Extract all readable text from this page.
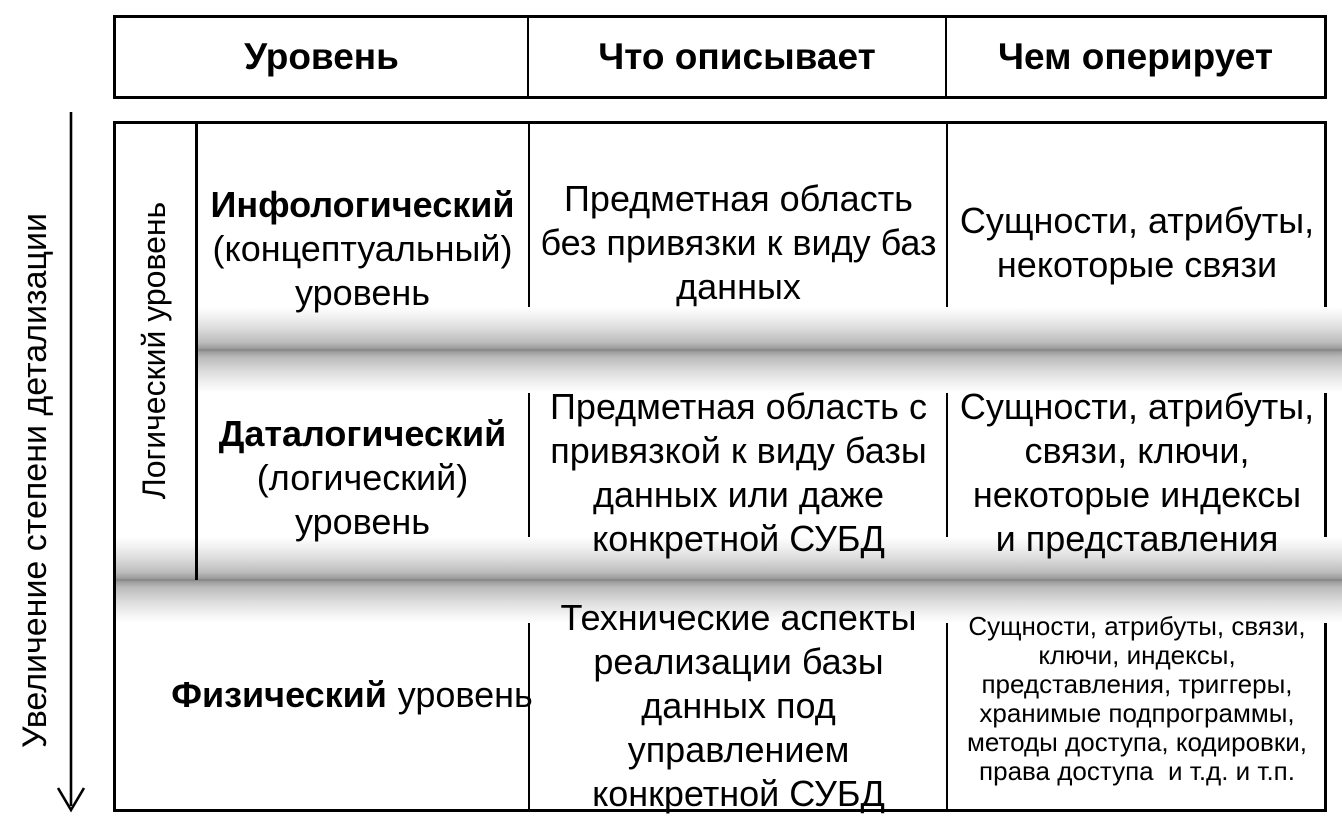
Увеличение степени детализации
Уровень	Что описывает	Чем оперирует
Логический уровень Инфологический
(концептуальный)
уровень
Предметная область
без привязки к виду баз
данных
Сущности, атрибуты,
некоторые связи
Даталогический
(логический)
уровень
Предметная область с
привязкой к виду базы
данных или даже
конкретной СУБД
Сущности, атрибуты,
связи, ключи,
некоторые индексы
и представления

Физический уровень

Технические аспекты
реализации базы
данных под
управлением
конкретной СУБД
Сущности, атрибуты, связи,
ключи, индексы,
представления, триггеры,
хранимые подпрограммы,
методы доступа, кодировки,
права доступа  и т.д. и т.п.
